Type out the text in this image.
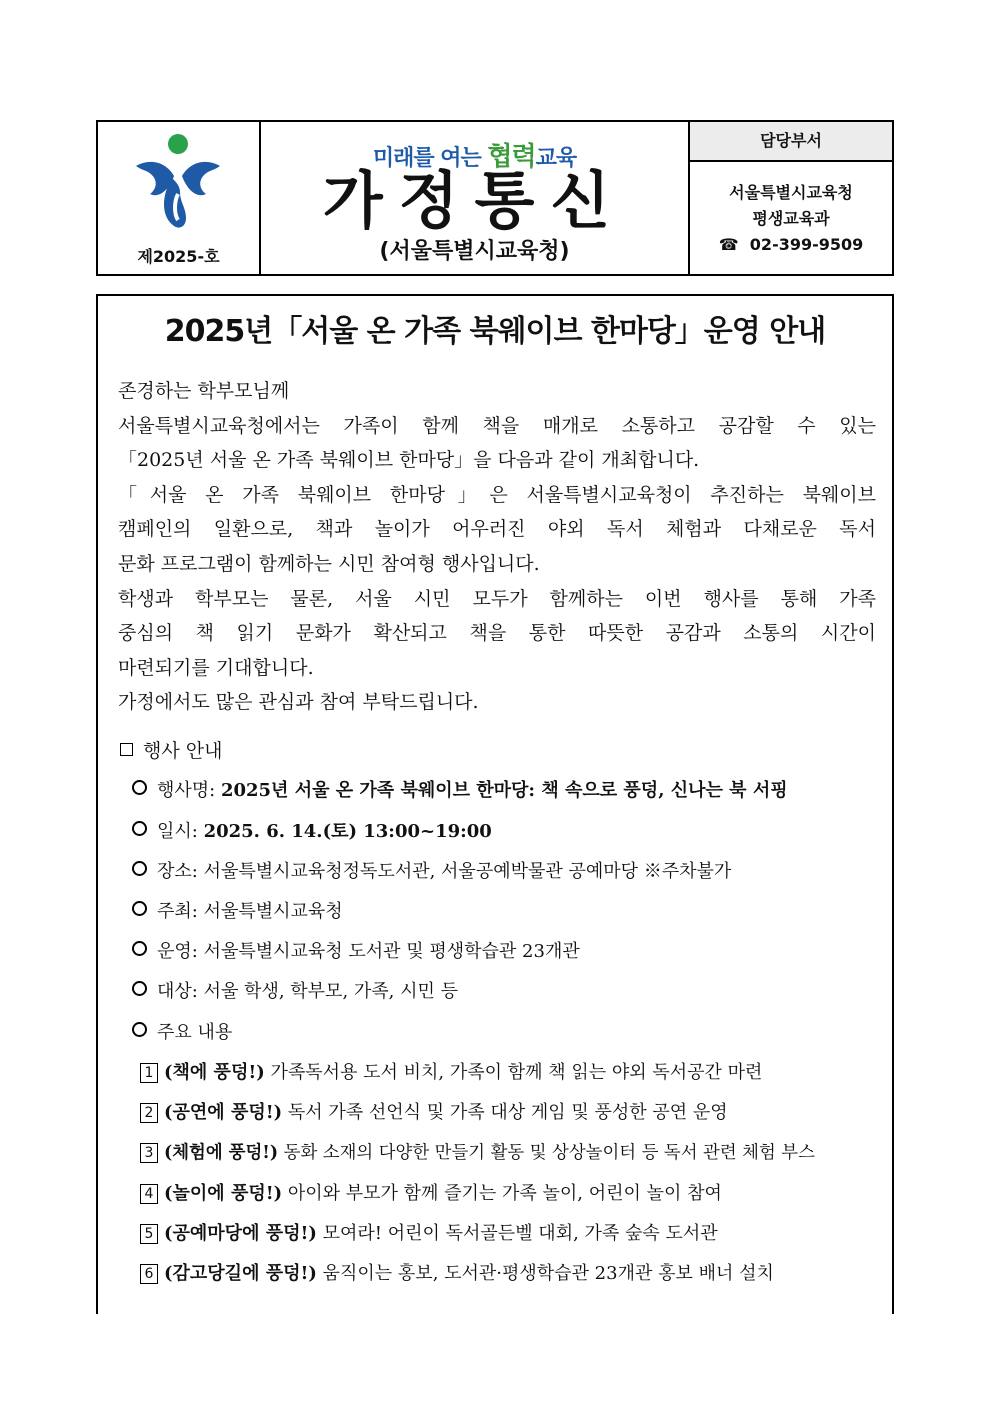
제2025-호
미래를 여는 협력교육
가정통신
(서울특별시교육청)
담당부서
서울특별시교육청
평생교육과
☎ 02-399-9509
2025년「서울 온 가족 북웨이브 한마당」운영 안내

존경하는 학부모님께

서울특별시교육청에서는 가족이 함께 책을 매개로 소통하고 공감할 수 있는

「2025년 서울 온 가족 북웨이브 한마당」을 다음과 같이 개최합니다.

「서울 온 가족 북웨이브 한마당」은 서울특별시교육청이 추진하는 북웨이브

캠페인의 일환으로, 책과 놀이가 어우러진 야외 독서 체험과 다채로운 독서

문화 프로그램이 함께하는 시민 참여형 행사입니다.

학생과 학부모는 물론, 서울 시민 모두가 함께하는 이번 행사를 통해 가족

중심의 책 읽기 문화가 확산되고 책을 통한 따뜻한 공감과 소통의 시간이

마련되기를 기대합니다.

가정에서도 많은 관심과 참여 부탁드립니다.

행사 안내
행사명: 2025년 서울 온 가족 북웨이브 한마당: 책 속으로 풍덩, 신나는 북 서핑
일시: 2025. 6. 14.(토) 13:00~19:00
장소: 서울특별시교육청정독도서관, 서울공예박물관 공예마당 ※주차불가
주최: 서울특별시교육청
운영: 서울특별시교육청 도서관 및 평생학습관 23개관
대상: 서울 학생, 학부모, 가족, 시민 등
주요 내용
1 (책에 풍덩!) 가족독서용 도서 비치, 가족이 함께 책 읽는 야외 독서공간 마련
2 (공연에 풍덩!) 독서 가족 선언식 및 가족 대상 게임 및 풍성한 공연 운영
3 (체험에 풍덩!) 동화 소재의 다양한 만들기 활동 및 상상놀이터 등 독서 관련 체험 부스
4 (놀이에 풍덩!) 아이와 부모가 함께 즐기는 가족 놀이, 어린이 놀이 참여
5 (공예마당에 풍덩!) 모여라! 어린이 독서골든벨 대회, 가족 숲속 도서관
6 (감고당길에 풍덩!) 움직이는 홍보, 도서관·평생학습관 23개관 홍보 배너 설치
